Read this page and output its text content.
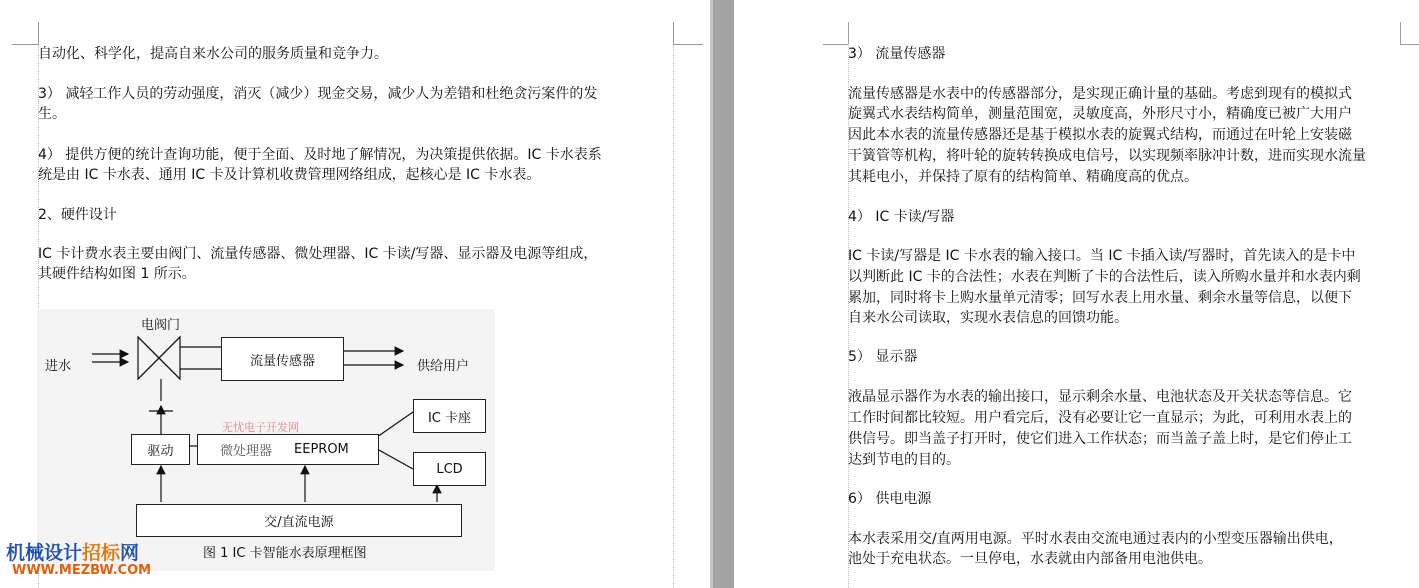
自动化、科学化，提高自来水公司的服务质量和竞争力。

3） 减轻工作人员的劳动强度，消灭（减少）现金交易，减少人为差错和杜绝贪污案件的发

生。

4） 提供方便的统计查询功能，便于全面、及时地了解情况，为决策提供依据。IC 卡水表系

统是由 IC 卡水表、通用 IC 卡及计算机收费管理网络组成，起核心是 IC 卡水表。

2、硬件设计

IC 卡计费水表主要由阀门、流量传感器、微处理器、IC 卡读/写器、显示器及电源等组成，

其硬件结构如图 1 所示。

电阀门
进水	流量传感器	供给用户
驱动	微处理器 EEPROM
无忧电子开发网
IC 卡座
LCD
交/直流电源
图 1 IC 卡智能水表原理框图

3） 流量传感器

流量传感器是水表中的传感器部分，是实现正确计量的基础。考虑到现有的模拟式

旋翼式水表结构简单，测量范围宽，灵敏度高，外形尺寸小，精确度已被广大用户

因此本水表的流量传感器还是基于模拟水表的旋翼式结构，而通过在叶轮上安装磁

干簧管等机构，将叶轮的旋转转换成电信号，以实现频率脉冲计数，进而实现水流量

其耗电小，并保持了原有的结构简单、精确度高的优点。

4） IC 卡读/写器

IC 卡读/写器是 IC 卡水表的输入接口。当 IC 卡插入读/写器时，首先读入的是卡中

以判断此 IC 卡的合法性；水表在判断了卡的合法性后，读入所购水量并和水表内剩

累加，同时将卡上购水量单元清零；回写水表上用水量、剩余水量等信息，以便下

自来水公司读取，实现水表信息的回馈功能。

5） 显示器

液晶显示器作为水表的输出接口，显示剩余水量、电池状态及开关状态等信息。它

工作时间都比较短。用户看完后，没有必要让它一直显示；为此，可利用水表上的

供信号。即当盖子打开时，使它们进入工作状态；而当盖子盖上时，是它们停止工

达到节电的目的。

6） 供电电源

本水表采用交/直两用电源。平时水表由交流电通过表内的小型变压器输出供电，

池处于充电状态。一旦停电，水表就由内部备用电池供电。

机械设计招标网
WWW.MEZBW.COM
